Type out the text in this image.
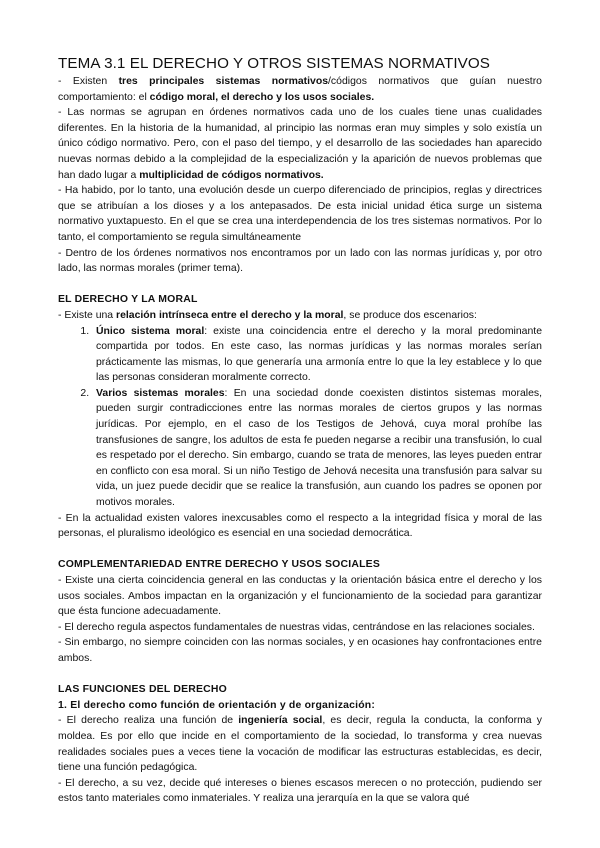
TEMA 3.1 EL DERECHO Y OTROS SISTEMAS NORMATIVOS

- Existen tres principales sistemas normativos/códigos normativos que guían nuestro comportamiento: el código moral, el derecho y los usos sociales.

- Las normas se agrupan en órdenes normativos cada uno de los cuales tiene unas cualidades diferentes. En la historia de la humanidad, al principio las normas eran muy simples y solo existía un único código normativo. Pero, con el paso del tiempo, y el desarrollo de las sociedades han aparecido nuevas normas debido a la complejidad de la especialización y la aparición de nuevos problemas que han dado lugar a multiplicidad de códigos normativos.

- Ha habido, por lo tanto, una evolución desde un cuerpo diferenciado de principios, reglas y directrices que se atribuían a los dioses y a los antepasados. De esta inicial unidad ética surge un sistema normativo yuxtapuesto. En el que se crea una interdependencia de los tres sistemas normativos. Por lo tanto, el comportamiento se regula simultáneamente

- Dentro de los órdenes normativos nos encontramos por un lado con las normas jurídicas y, por otro lado, las normas morales (primer tema).

EL DERECHO Y LA MORAL

- Existe una relación intrínseca entre el derecho y la moral, se produce dos escenarios:

1. Único sistema moral: existe una coincidencia entre el derecho y la moral predominante compartida por todos. En este caso, las normas jurídicas y las normas morales serían prácticamente las mismas, lo que generaría una armonía entre lo que la ley establece y lo que las personas consideran moralmente correcto.
2. Varios sistemas morales: En una sociedad donde coexisten distintos sistemas morales, pueden surgir contradicciones entre las normas morales de ciertos grupos y las normas jurídicas. Por ejemplo, en el caso de los Testigos de Jehová, cuya moral prohíbe las transfusiones de sangre, los adultos de esta fe pueden negarse a recibir una transfusión, lo cual es respetado por el derecho. Sin embargo, cuando se trata de menores, las leyes pueden entrar en conflicto con esa moral. Si un niño Testigo de Jehová necesita una transfusión para salvar su vida, un juez puede decidir que se realice la transfusión, aun cuando los padres se oponen por motivos morales.

- En la actualidad existen valores inexcusables como el respecto a la integridad física y moral de las personas, el pluralismo ideológico es esencial en una sociedad democrática.

COMPLEMENTARIEDAD ENTRE DERECHO Y USOS SOCIALES

- Existe una cierta coincidencia general en las conductas y la orientación básica entre el derecho y los usos sociales. Ambos impactan en la organización y el funcionamiento de la sociedad para garantizar que ésta funcione adecuadamente.

- El derecho regula aspectos fundamentales de nuestras vidas, centrándose en las relaciones sociales.

- Sin embargo, no siempre coinciden con las normas sociales, y en ocasiones hay confrontaciones entre ambos.

LAS FUNCIONES DEL DERECHO

1. El derecho como función de orientación y de organización:

- El derecho realiza una función de ingeniería social, es decir, regula la conducta, la conforma y moldea. Es por ello que incide en el comportamiento de la sociedad, lo transforma y crea nuevas realidades sociales pues a veces tiene la vocación de modificar las estructuras establecidas, es decir, tiene una función pedagógica.

- El derecho, a su vez, decide qué intereses o bienes escasos merecen o no protección, pudiendo ser estos tanto materiales como inmateriales. Y realiza una jerarquía en la que se valora qué
